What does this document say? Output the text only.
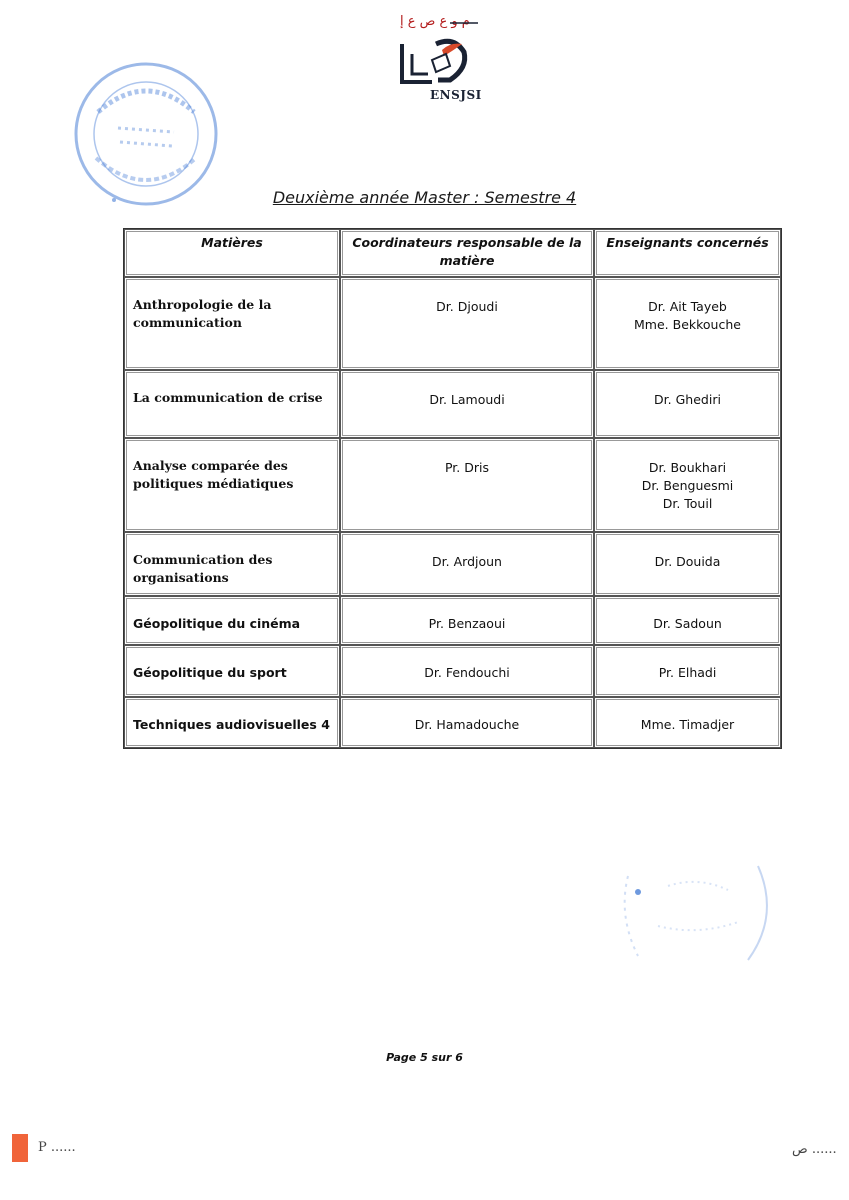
م و ع ص ع إ
ENSJSI
Deuxième année Master : Semestre 4
Matières	Coordinateurs responsable de la matière	Enseignants concernés
Anthropologie de la communication	Dr. Djoudi	Dr. Ait Tayeb
Mme. Bekkouche

La communication de crise	Dr. Lamoudi	Dr. Ghediri

Analyse comparée des politiques médiatiques	Pr. Dris	Dr. Boukhari
Dr. Benguesmi
Dr. Touil

Communication des organisations	Dr. Ardjoun	Dr. Douida

Géopolitique du cinéma	Pr. Benzaoui	Dr. Sadoun

Géopolitique du sport	Dr. Fendouchi	Pr. Elhadi

Techniques audiovisuelles 4	Dr. Hamadouche	Mme. Timadjer
Page 5 sur 6
P ......	ص ......
